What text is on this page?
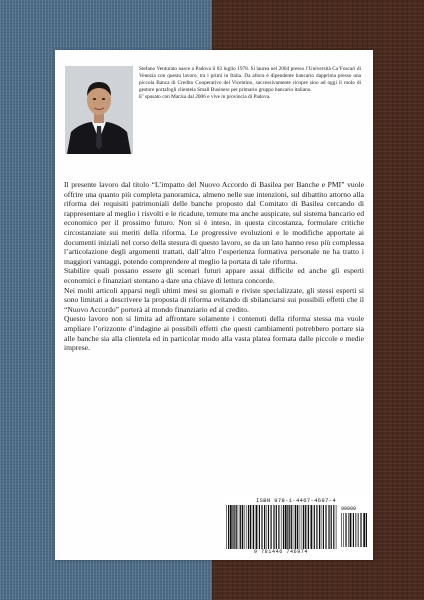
Stefano Venturato nasce a Padova il 03 luglio 1978. Si laurea nel 2004 presso l’Università Ca’Foscari di Venezia con questo lavoro, tra i primi in Italia. Da allora è dipendente bancario dapprima presso una piccola Banca di Credito Cooperativo del Vicentino, successivamente ricopre sino ad oggi il ruolo di gestore portafogli clientela Small Business per primario gruppo bancario italiano.

E’ sposato con Marzia dal 2006 e vive in provincia di Padova.

Il presente lavoro dal titolo “L’impatto del Nuovo Accordo di Basilea per Banche e PMI” vuole offrire una quanto più completa panoramica, almeno nelle sue intenzioni, sul dibattito attorno alla riforma dei requisiti patrimoniali delle banche proposto dal Comitato di Basilea cercando di rappresentare al meglio i risvolti e le ricadute, temute ma anche auspicate, sul sistema bancario ed economico per il prossimo futuro. Non si è inteso, in questa circostanza, formulare critiche circostanziate sui meriti della riforma. Le progressive evoluzioni e le modifiche apportate ai documenti iniziali nel corso della stesura di questo lavoro, se da un lato hanno reso più complessa l’articolazione degli argomenti trattati, dall’altro l’esperienza formativa personale ne ha tratto i maggiori vantaggi, potendo comprendere al meglio la portata di tale riforma.

Stabilire quali possano essere gli scenari futuri appare assai difficile ed anche gli esperti economici e finanziari stentano a dare una chiave di lettura concorde.

Nei molti articoli apparsi negli ultimi mesi su giornali e riviste specializzate, gli stessi esperti si sono limitati a descrivere la proposta di riforma evitando di sbilanciarsi sui possibili effetti che il “Nuovo Accordo” porterà al mondo finanziario ed al credito.

Questo lavoro non si limita ad affrontare solamente i contenuti della riforma stessa ma vuole ampliare l’orizzonte d’indagine ai possibili effetti che questi cambiamenti potrebbero portare sia alle banche sia alla clientela ed in particolar modo alla vasta platea formata dalle piccole e medie imprese.

ISBN 978-1-4467-4697-4
90000
9 781446 746974
